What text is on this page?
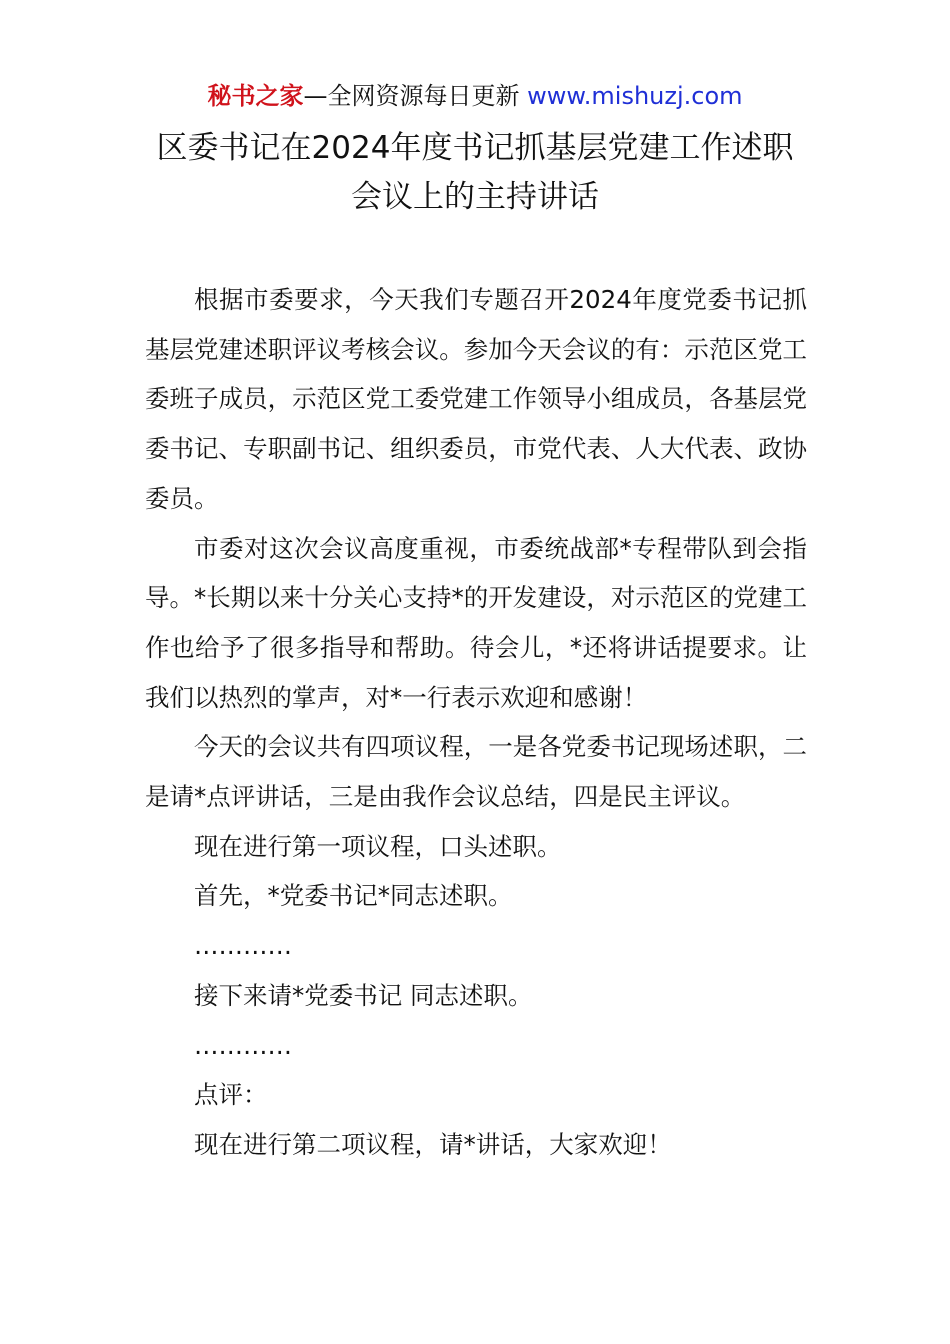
秘书之家—全网资源每日更新 www.mishuzj.com
区委书记在2024年度书记抓基层党建工作述职
会议上的主持讲话

根据市委要求，今天我们专题召开2024年度党委书记抓基层党建述职评议考核会议。参加今天会议的有：示范区党工委班子成员，示范区党工委党建工作领导小组成员，各基层党委书记、专职副书记、组织委员，市党代表、人大代表、政协委员。

市委对这次会议高度重视，市委统战部*专程带队到会指导。*长期以来十分关心支持*的开发建设，对示范区的党建工作也给予了很多指导和帮助。待会儿，*还将讲话提要求。让我们以热烈的掌声，对*一行表示欢迎和感谢！

今天的会议共有四项议程，一是各党委书记现场述职，二是请*点评讲话，三是由我作会议总结，四是民主评议。

现在进行第一项议程，口头述职。

首先，*党委书记*同志述职。

…………

接下来请*党委书记 同志述职。

…………

点评：

现在进行第二项议程，请*讲话，大家欢迎！
